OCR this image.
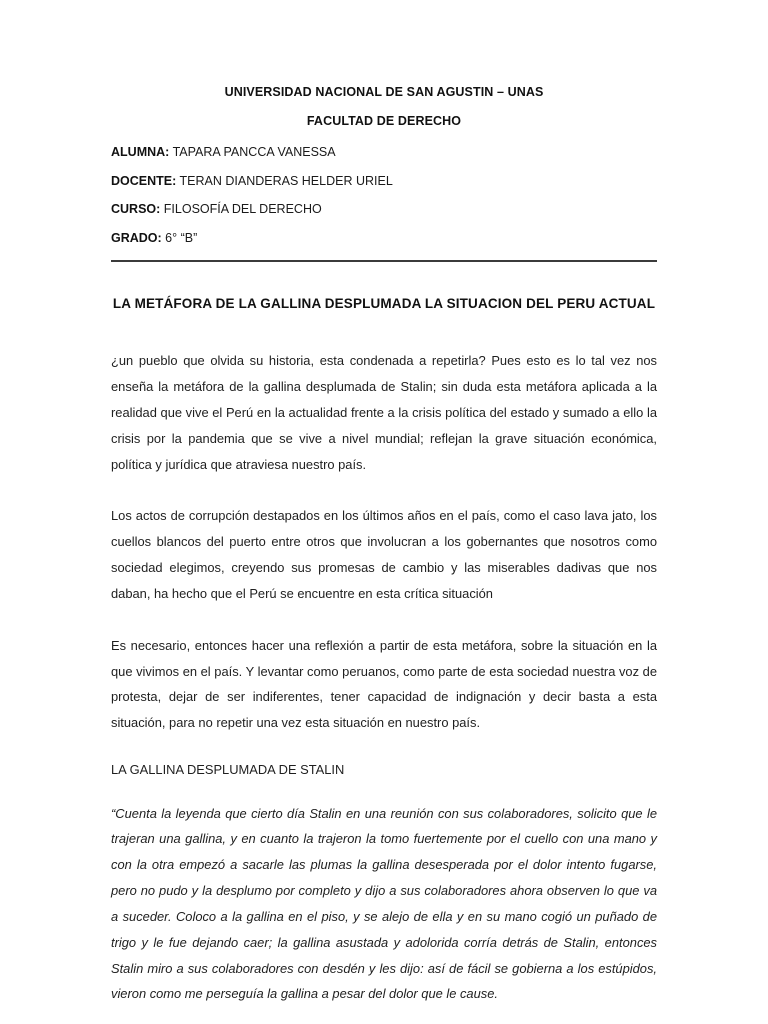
UNIVERSIDAD NACIONAL DE SAN AGUSTIN – UNAS
FACULTAD DE DERECHO
ALUMNA: TAPARA PANCCA VANESSA
DOCENTE: TERAN DIANDERAS HELDER URIEL
CURSO: FILOSOFÍA DEL DERECHO
GRADO: 6° “B”
LA METÁFORA DE LA GALLINA DESPLUMADA LA SITUACION DEL PERU ACTUAL

¿un pueblo que olvida su historia, esta condenada a repetirla? Pues esto es lo tal vez nos enseña la metáfora de la gallina desplumada de Stalin; sin duda esta metáfora aplicada a la realidad que vive el Perú en la actualidad frente a la crisis política del estado y sumado a ello la crisis por la pandemia que se vive a nivel mundial; reflejan la grave situación económica, política y jurídica que atraviesa nuestro país.

Los actos de corrupción destapados en los últimos años en el país, como el caso lava jato, los cuellos blancos del puerto entre otros que involucran a los gobernantes que nosotros como sociedad elegimos, creyendo sus promesas de cambio y las miserables dadivas que nos daban, ha hecho que el Perú se encuentre en esta crítica situación

Es necesario, entonces hacer una reflexión a partir de esta metáfora, sobre la situación en la que vivimos en el país. Y levantar como peruanos, como parte de esta sociedad nuestra voz de protesta, dejar de ser indiferentes, tener capacidad de indignación y decir basta a esta situación, para no repetir una vez esta situación en nuestro país.

LA GALLINA DESPLUMADA DE STALIN

“Cuenta la leyenda que cierto día Stalin en una reunión con sus colaboradores, solicito que le trajeran una gallina, y en cuanto la trajeron la tomo fuertemente por el cuello con una mano y con la otra empezó a sacarle las plumas la gallina desesperada por el dolor intento fugarse, pero no pudo y la desplumo por completo y dijo a sus colaboradores ahora observen lo que va a suceder. Coloco a la gallina en el piso, y se alejo de ella y en su mano cogió un puñado de trigo y le fue dejando caer; la gallina asustada y adolorida corría detrás de Stalin, entonces Stalin miro a sus colaboradores con desdén y les dijo: así de fácil se gobierna a los estúpidos, vieron como me perseguía la gallina a pesar del dolor que le cause.
